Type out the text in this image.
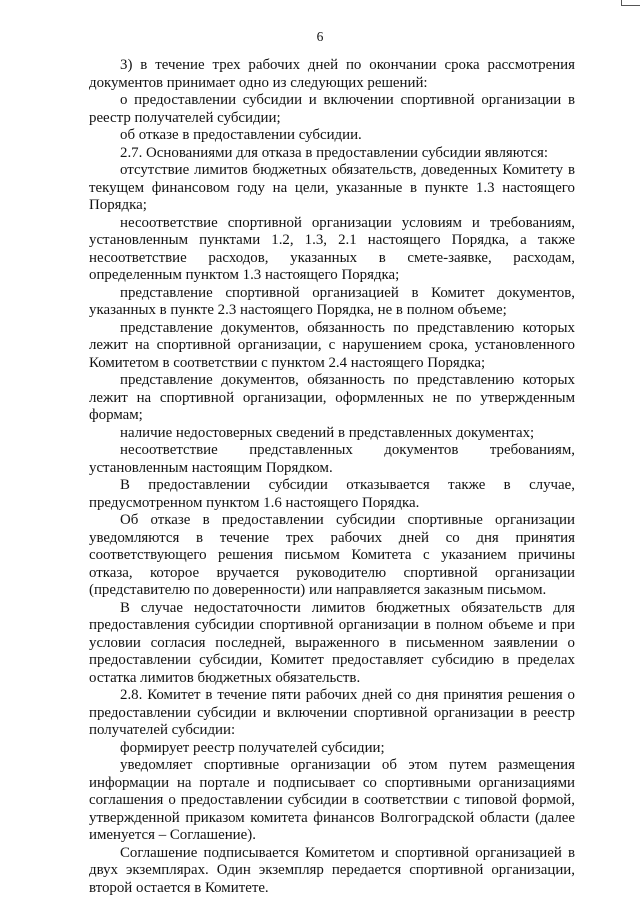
6

3) в течение трех рабочих дней по окончании срока рассмотрения документов принимает одно из следующих решений:

о предоставлении субсидии и включении спортивной организации в реестр получателей субсидии;

об отказе в предоставлении субсидии.

2.7. Основаниями для отказа в предоставлении субсидии являются:

отсутствие лимитов бюджетных обязательств, доведенных Комитету в текущем финансовом году на цели, указанные в пункте 1.3 настоящего Порядка;

несоответствие спортивной организации условиям и требованиям, установленным пунктами 1.2, 1.3, 2.1 настоящего Порядка, а также несоответствие расходов, указанных в смете-заявке, расходам, определенным пунктом 1.3 настоящего Порядка;

представление спортивной организацией в Комитет документов, указанных в пункте 2.3 настоящего Порядка, не в полном объеме;

представление документов, обязанность по представлению которых лежит на спортивной организации, с нарушением срока, установленного Комитетом в соответствии с пунктом 2.4 настоящего Порядка;

представление документов, обязанность по представлению которых лежит на спортивной организации, оформленных не по утвержденным формам;

наличие недостоверных сведений в представленных документах;

несоответствие представленных документов требованиям, установленным настоящим Порядком.

В предоставлении субсидии отказывается также в случае, предусмотренном пунктом 1.6 настоящего Порядка.

Об отказе в предоставлении субсидии спортивные организации уведомляются в течение трех рабочих дней со дня принятия соответствующего решения письмом Комитета с указанием причины отказа, которое вручается руководителю спортивной организации (представителю по доверенности) или направляется заказным письмом.

В случае недостаточности лимитов бюджетных обязательств для предоставления субсидии спортивной организации в полном объеме и при условии согласия последней, выраженного в письменном заявлении о предоставлении субсидии, Комитет предоставляет субсидию в пределах остатка лимитов бюджетных обязательств.

2.8. Комитет в течение пяти рабочих дней со дня принятия решения о предоставлении субсидии и включении спортивной организации в реестр получателей субсидии:

формирует реестр получателей субсидии;

уведомляет спортивные организации об этом путем размещения информации на портале и подписывает со спортивными организациями соглашения о предоставлении субсидии в соответствии с типовой формой, утвержденной приказом комитета финансов Волгоградской области (далее именуется – Соглашение).

Соглашение подписывается Комитетом и спортивной организацией в двух экземплярах. Один экземпляр передается спортивной организации, второй остается в Комитете.
